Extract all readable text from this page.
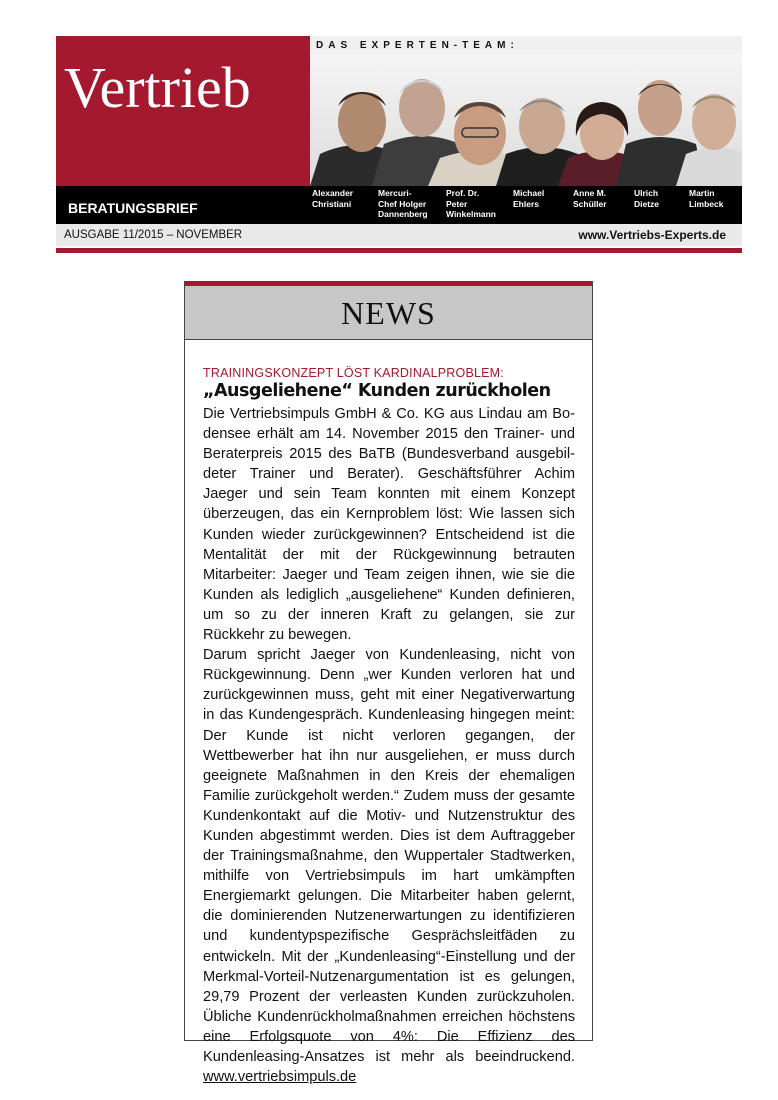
Vertrieb
DAS EXPERTEN-TEAM:
BERATUNGSBRIEF
Alexander
Christiani
Mercuri-
Chef Holger
Dannenberg
Prof. Dr.
Peter
Winkelmann
Michael
Ehlers
Anne M.
Schüller
Ulrich
Dietze
Martin
Limbeck
AUSGABE 11/2015 – NOVEMBER	www.Vertriebs-Experts.de
NEWS
TRAININGSKONZEPT LÖST KARDINALPROBLEM:
„Ausgeliehene“ Kunden zurückholen

Die Vertriebsimpuls GmbH & Co. KG aus Lindau am Bodensee erhält am 14. November 2015 den Trainer- und Beraterpreis 2015 des BaTB (Bundesverband ausgebildeter Trainer und Berater). Geschäftsführer Achim Jaeger und sein Team konnten mit einem Konzept überzeugen, das ein Kernproblem löst: Wie lassen sich Kunden wieder zurückgewinnen? Entscheidend ist die Mentalität der mit der Rückgewinnung betrauten Mitarbeiter: Jaeger und Team zeigen ihnen, wie sie die Kunden als lediglich „ausgeliehene“ Kunden definieren, um so zu der inneren Kraft zu gelangen, sie zur Rückkehr zu bewegen.

Darum spricht Jaeger von Kundenleasing, nicht von Rückgewinnung. Denn „wer Kunden verloren hat und zurückgewinnen muss, geht mit einer Negativerwartung in das Kundengespräch. Kundenleasing hingegen meint: Der Kunde ist nicht verloren gegangen, der Wettbewerber hat ihn nur ausgeliehen, er muss durch geeignete Maßnahmen in den Kreis der ehemaligen Familie zurückgeholt werden.“ Zudem muss der gesamte Kundenkontakt auf die Motiv- und Nutzenstruktur des Kunden abgestimmt werden. Dies ist dem Auftraggeber der Trainingsmaßnahme, den Wuppertaler Stadtwerken, mithilfe von Vertriebsimpuls im hart umkämpften Energiemarkt gelungen. Die Mitarbeiter haben gelernt, die dominierenden Nutzenerwartungen zu identifizieren und kundentypspezifische Gesprächsleitfäden zu entwickeln. Mit der „Kundenleasing“-Einstellung und der Merkmal-Vorteil-Nutzenargumentation ist es gelungen, 29,79 Prozent der verleasten Kunden zurückzuholen. Übliche Kundenrückholmaßnahmen erreichen höchstens eine Erfolgsquote von 4%: Die Effizienz des Kundenleasing-Ansatzes ist mehr als beeindruckend. www.vertriebsimpuls.de
